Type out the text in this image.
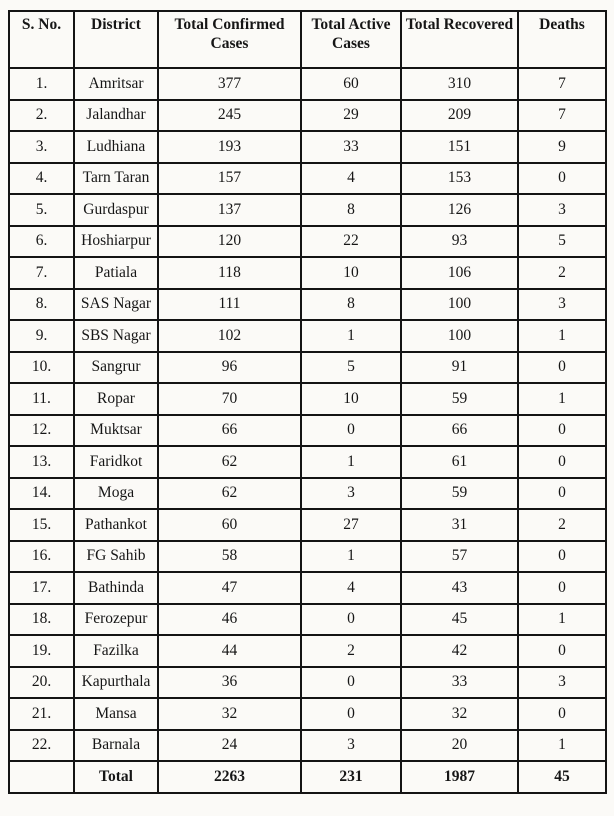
S. No.	District	Total Confirmed Cases	Total Active Cases	Total Recovered	Deaths
1.	Amritsar	377	60	310	7
2.	Jalandhar	245	29	209	7
3.	Ludhiana	193	33	151	9
4.	Tarn Taran	157	4	153	0
5.	Gurdaspur	137	8	126	3
6.	Hoshiarpur	120	22	93	5
7.	Patiala	118	10	106	2
8.	SAS Nagar	111	8	100	3
9.	SBS Nagar	102	1	100	1
10.	Sangrur	96	5	91	0
11.	Ropar	70	10	59	1
12.	Muktsar	66	0	66	0
13.	Faridkot	62	1	61	0
14.	Moga	62	3	59	0
15.	Pathankot	60	27	31	2
16.	FG Sahib	58	1	57	0
17.	Bathinda	47	4	43	0
18.	Ferozepur	46	0	45	1
19.	Fazilka	44	2	42	0
20.	Kapurthala	36	0	33	3
21.	Mansa	32	0	32	0
22.	Barnala	24	3	20	1
	Total	2263	231	1987	45
